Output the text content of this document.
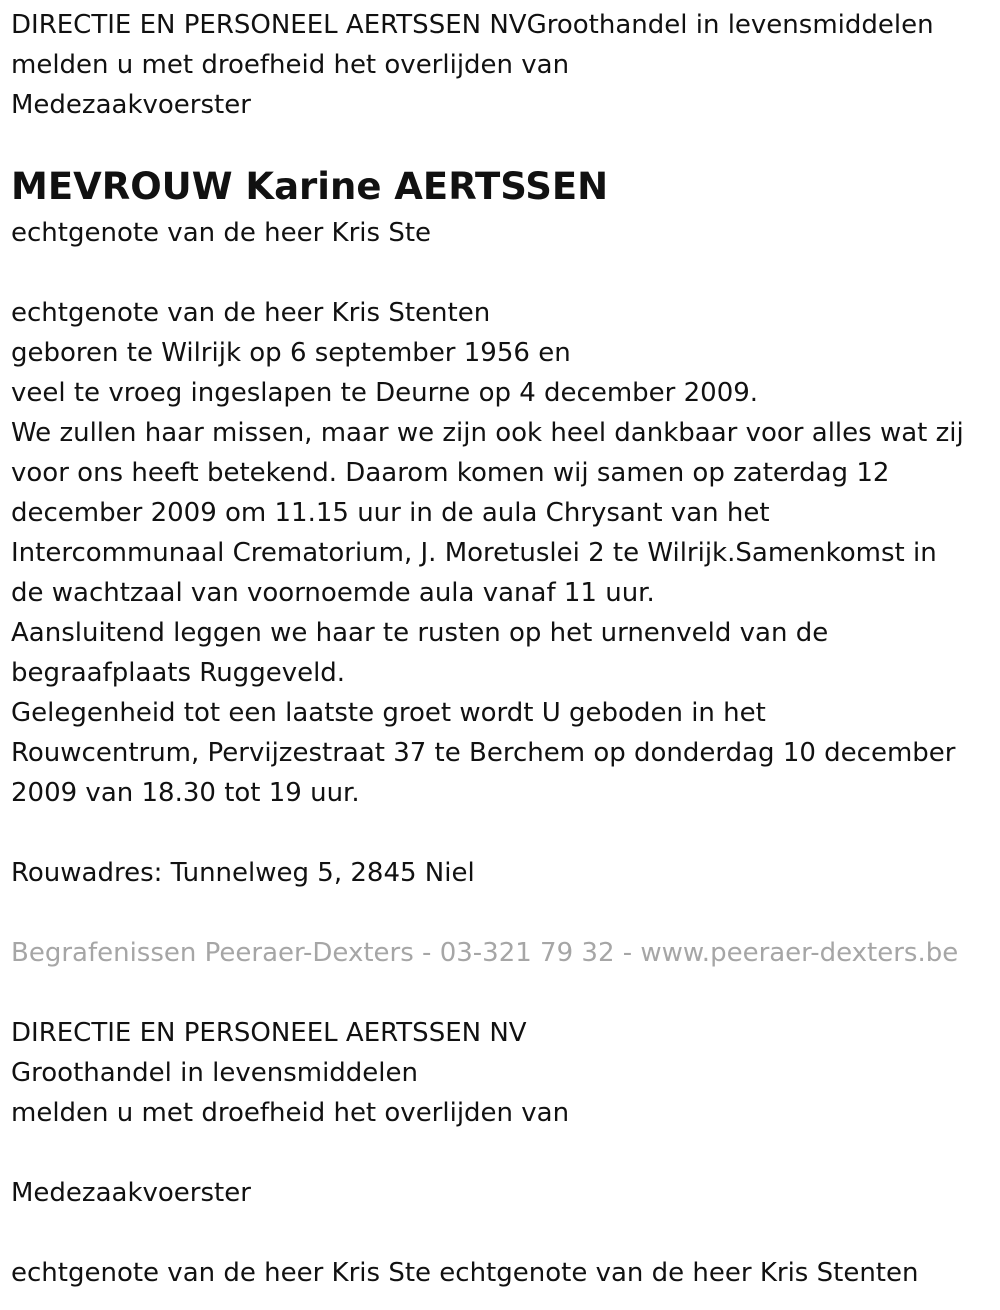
DIRECTIE EN PERSONEEL AERTSSEN NVGroothandel in levensmiddelen
melden u met droefheid het overlijden van
Medezaakvoerster
MEVROUW Karine AERTSSEN
echtgenote van de heer Kris Ste
echtgenote van de heer Kris Stenten
geboren te Wilrijk op 6 september 1956 en
veel te vroeg ingeslapen te Deurne op 4 december 2009.
We zullen haar missen, maar we zijn ook heel dankbaar voor alles wat zij
voor ons heeft betekend. Daarom komen wij samen op zaterdag 12
december 2009 om 11.15 uur in de aula Chrysant van het
Intercommunaal Crematorium, J. Moretuslei 2 te Wilrijk.Samenkomst in
de wachtzaal van voornoemde aula vanaf 11 uur.
Aansluitend leggen we haar te rusten op het urnenveld van de
begraafplaats Ruggeveld.
Gelegenheid tot een laatste groet wordt U geboden in het
Rouwcentrum, Pervijzestraat 37 te Berchem op donderdag 10 december
2009 van 18.30 tot 19 uur.
Rouwadres: Tunnelweg 5, 2845 Niel
Begrafenissen Peeraer-Dexters - 03-321 79 32 - www.peeraer-dexters.be
DIRECTIE EN PERSONEEL AERTSSEN NV
Groothandel in levensmiddelen
melden u met droefheid het overlijden van
Medezaakvoerster
echtgenote van de heer Kris Ste echtgenote van de heer Kris Stenten
